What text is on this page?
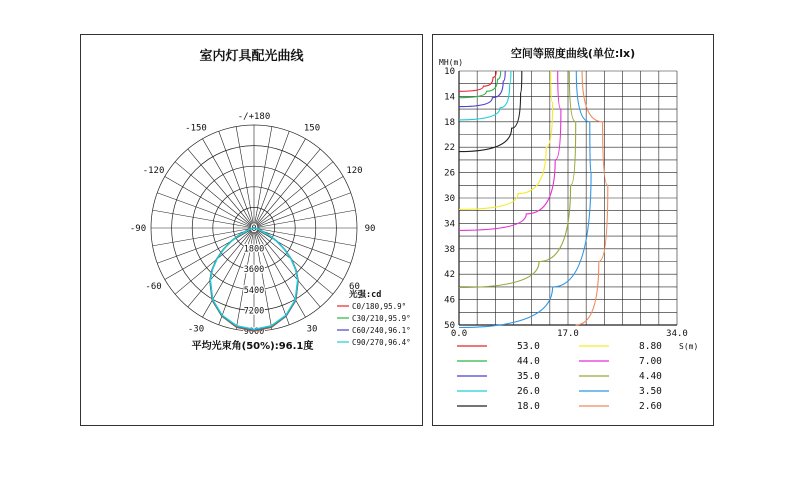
室内灯具配光曲线
-/+180
150
120
90
60
30
-30
-60
-90
-120
-150
0
1800
3600
5400
7200
9000
光强:cd
C0/180,95.9°
C30/210,95.9°
C60/240,96.1°
C90/270,96.4°
平均光束角(50%):96.1度
空间等照度曲线(单位:lx)
10
14
18
22
26
30
34
38
42
46
50
MH(m)
0.0	17.0	34.0
S(m)
53.0
44.0
35.0
26.0
18.0
8.80
7.00
4.40
3.50
2.60
